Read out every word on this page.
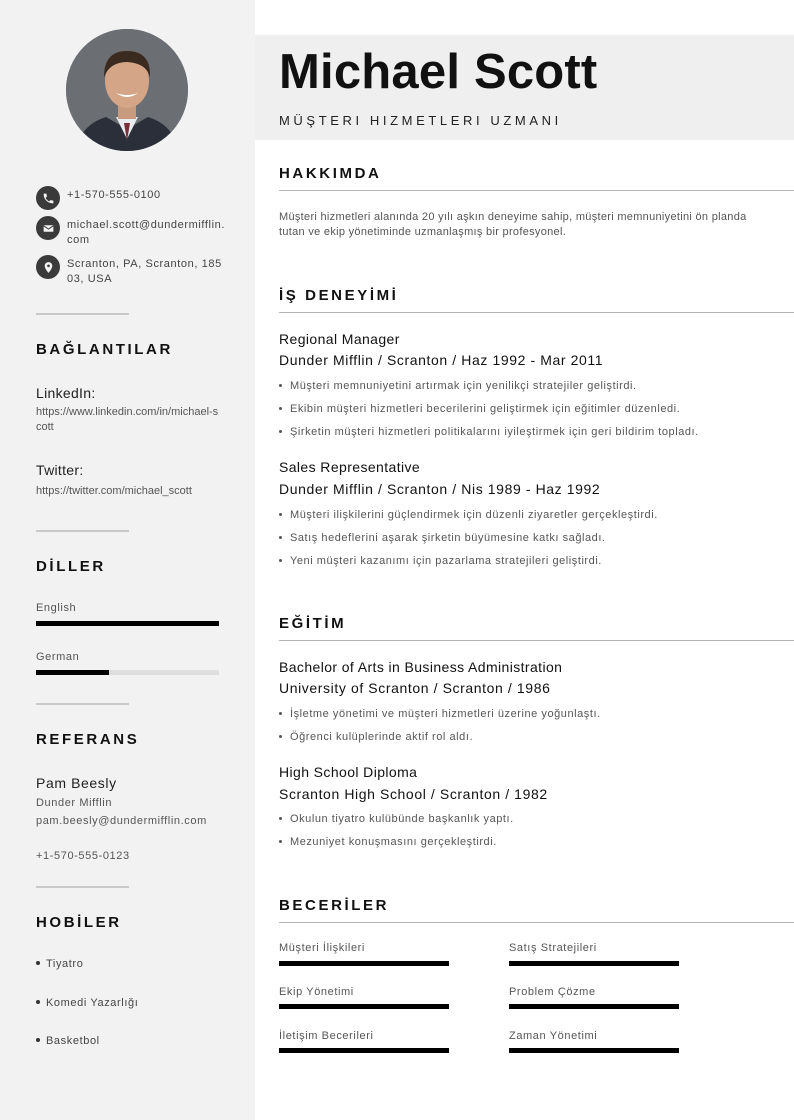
+1-570-555-0100
michael.scott@dundermifflin.com
Scranton, PA, Scranton, 18503, USA
BAĞLANTILAR
LinkedIn:
https://www.linkedin.com/in/michael-scott
Twitter:
https://twitter.com/michael_scott
DİLLER
English
German
REFERANS
Pam Beesly
Dunder Mifflin
pam.beesly@dundermifflin.com
+1-570-555-0123
HOBİLER
Tiyatro
Komedi Yazarlığı
Basketbol
Michael Scott
MÜŞTERI HIZMETLERI UZMANI
HAKKIMDA
Müşteri hizmetleri alanında 20 yılı aşkın deneyime sahip, müşteri memnuniyetini ön planda tutan ve ekip yönetiminde uzmanlaşmış bir profesyonel.
İŞ DENEYİMİ
Regional Manager
Dunder Mifflin / Scranton / Haz 1992 - Mar 2011
Müşteri memnuniyetini artırmak için yenilikçi stratejiler geliştirdi.
Ekibin müşteri hizmetleri becerilerini geliştirmek için eğitimler düzenledi.
Şirketin müşteri hizmetleri politikalarını iyileştirmek için geri bildirim topladı.
Sales Representative
Dunder Mifflin / Scranton / Nis 1989 - Haz 1992
Müşteri ilişkilerini güçlendirmek için düzenli ziyaretler gerçekleştirdi.
Satış hedeflerini aşarak şirketin büyümesine katkı sağladı.
Yeni müşteri kazanımı için pazarlama stratejileri geliştirdi.
EĞİTİM
Bachelor of Arts in Business Administration
University of Scranton / Scranton / 1986
İşletme yönetimi ve müşteri hizmetleri üzerine yoğunlaştı.
Öğrenci kulüplerinde aktif rol aldı.
High School Diploma
Scranton High School / Scranton / 1982
Okulun tiyatro kulübünde başkanlık yaptı.
Mezuniyet konuşmasını gerçekleştirdi.
BECERİLER
Müşteri İlişkileri	Satış Stratejileri
Ekip Yönetimi	Problem Çözme
İletişim Becerileri	Zaman Yönetimi
